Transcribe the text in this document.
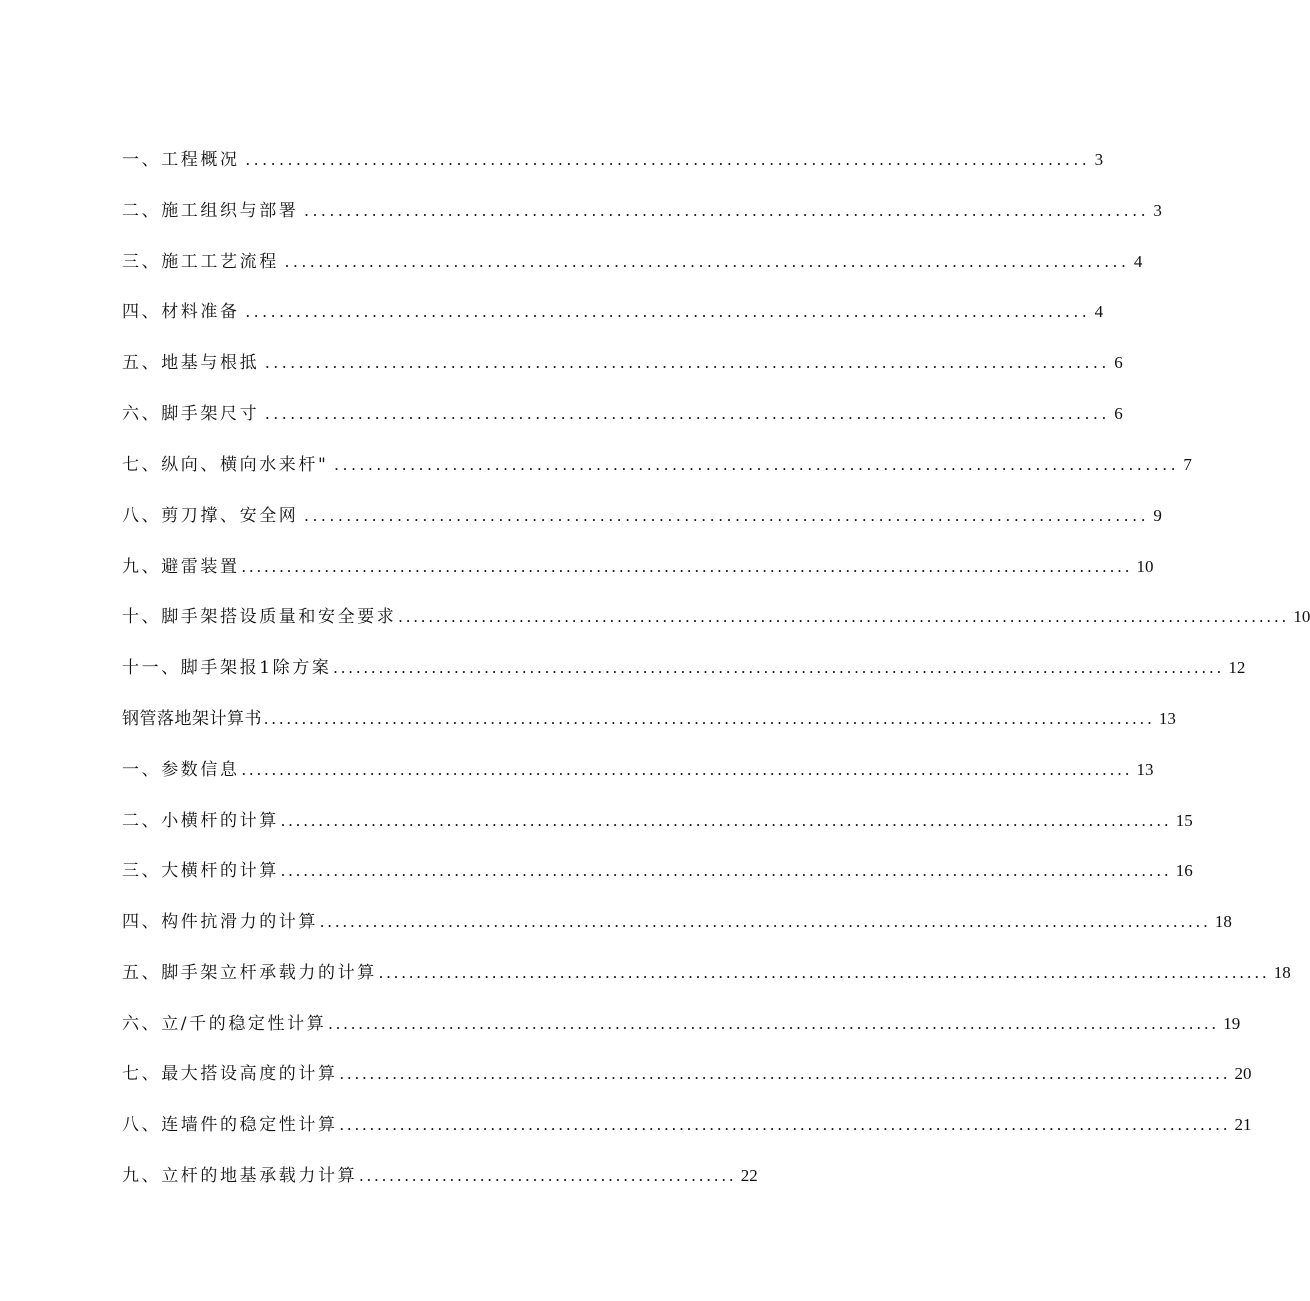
一、工程概况 .................................................................................................... 3
二、施工组织与部署 .................................................................................................... 3
三、施工工艺流程 .................................................................................................... 4
四、材料准备 .................................................................................................... 4
五、地基与根抵 .................................................................................................... 6
六、脚手架尺寸 .................................................................................................... 6
七、纵向、横向水来杆" .................................................................................................... 7
八、剪刀撑、安全网 .................................................................................................... 9
九、避雷装置 ...................................................................................................................... 10
十、脚手架搭设质量和安全要求 ...................................................................................................................... 10
十一、脚手架报1除方案 ...................................................................................................................... 12
钢管落地架计算书 ...................................................................................................................... 13
一、参数信息 ...................................................................................................................... 13
二、小横杆的计算 ...................................................................................................................... 15
三、大横杆的计算 ...................................................................................................................... 16
四、构件抗滑力的计算 ...................................................................................................................... 18
五、脚手架立杆承载力的计算 ...................................................................................................................... 18
六、立/千的稳定性计算 ...................................................................................................................... 19
七、最大搭设高度的计算 ...................................................................................................................... 20
八、连墙件的稳定性计算 ...................................................................................................................... 21
九、立杆的地基承载力计算 .................................................. 22
